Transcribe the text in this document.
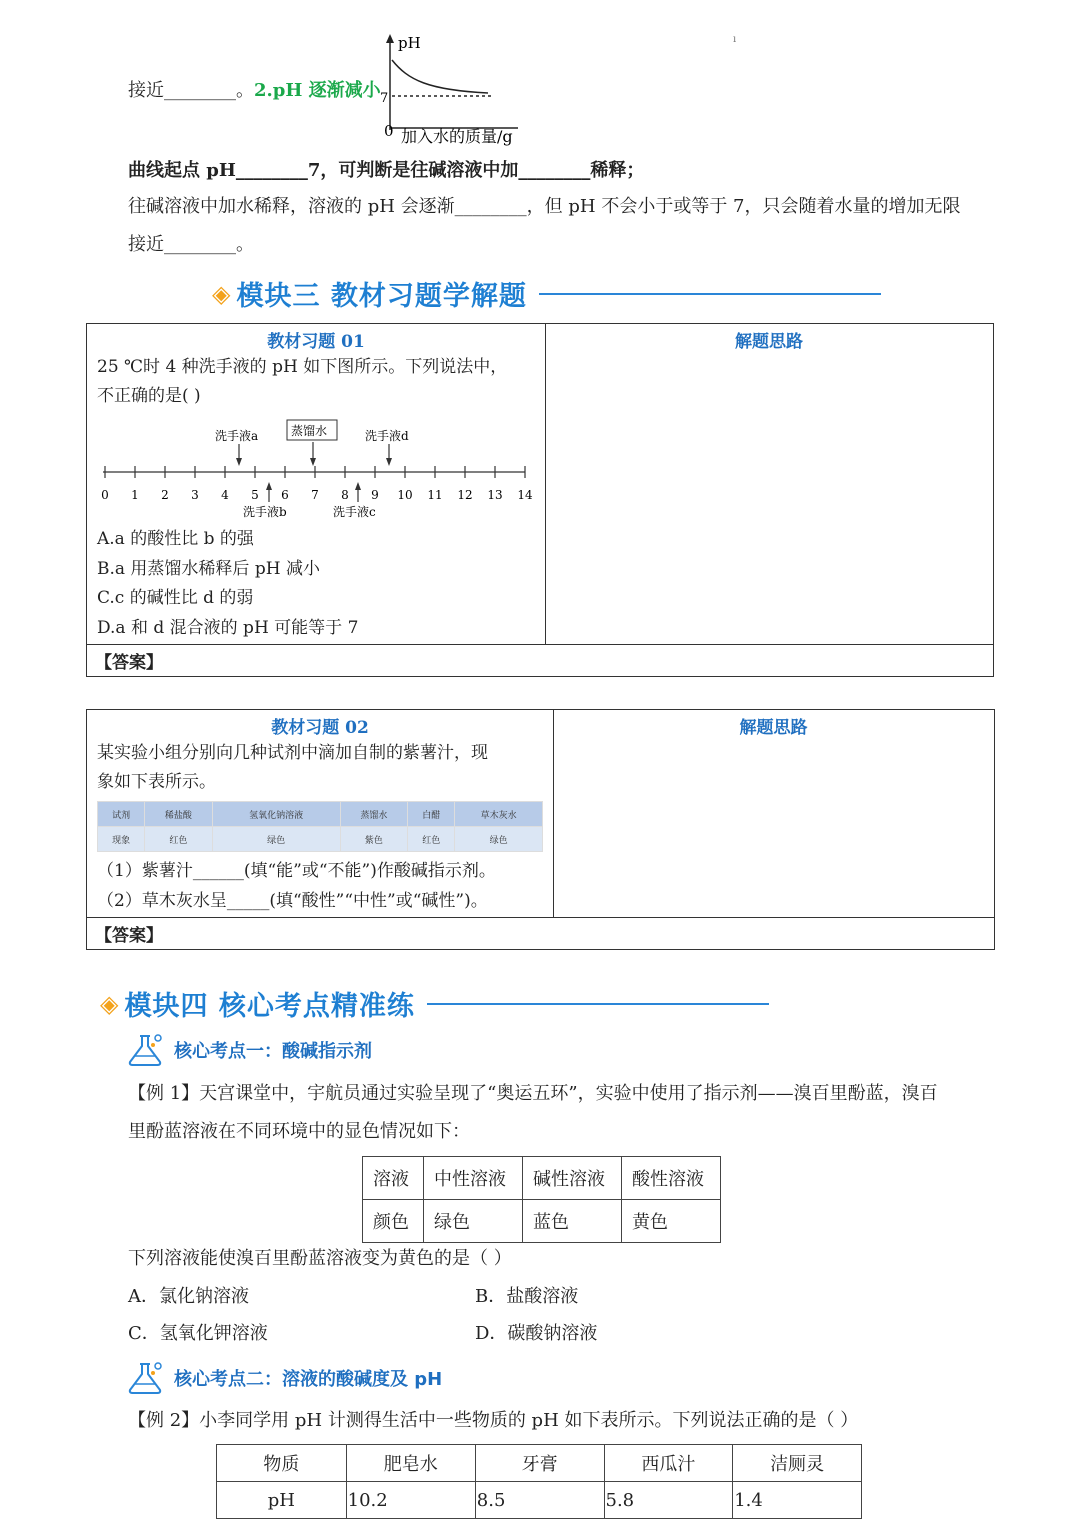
接近________。2.pH 逐渐减小
pH
7
0 加入水的质量/g
ı
曲线起点 pH________7，可判断是往碱溶液中加________稀释；
往碱溶液中加水稀释，溶液的 pH 会逐渐________，但 pH 不会小于或等于 7，只会随着水量的增加无限
接近________。
◈ 模块三 教材习题学解题
教材习题 01	解题思路
25 ℃时 4 种洗手液的 pH 如下图所示。下列说法中，
不正确的是( )
0 1 2 3 4 5 6 7 8 9 10 11 12 13 14
洗手液a	蒸馏水	洗手液d
洗手液b	洗手液c
A.a 的酸性比 b 的强
B.a 用蒸馏水稀释后 pH 减小
C.c 的碱性比 d 的弱
D.a 和 d 混合液的 pH 可能等于 7
【答案】
教材习题 02	解题思路
某实验小组分别向几种试剂中滴加自制的紫薯汁，现
象如下表所示。
试剂	稀盐酸	氢氧化钠溶液	蒸馏水	白醋	草木灰水
现象	红色	绿色	紫色	红色	绿色
（1）紫薯汁______(填“能”或“不能”)作酸碱指示剂。
（2）草木灰水呈_____(填“酸性”“中性”或“碱性”)。
【答案】
◈ 模块四 核心考点精准练
核心考点一：酸碱指示剂
【例 1】天宫课堂中，宇航员通过实验呈现了“奥运五环”，实验中使用了指示剂——溴百里酚蓝，溴百
里酚蓝溶液在不同环境中的显色情况如下：
溶液	中性溶液	碱性溶液	酸性溶液
颜色	绿色	蓝色	黄色
下列溶液能使溴百里酚蓝溶液变为黄色的是（ ）
A．氯化钠溶液	B．盐酸溶液
C．氢氧化钾溶液	D．碳酸钠溶液
核心考点二：溶液的酸碱度及 pH
【例 2】小李同学用 pH 计测得生活中一些物质的 pH 如下表所示。下列说法正确的是（ ）
物质	肥皂水	牙膏	西瓜汁	洁厕灵
pH	10.2	8.5	5.8	1.4
